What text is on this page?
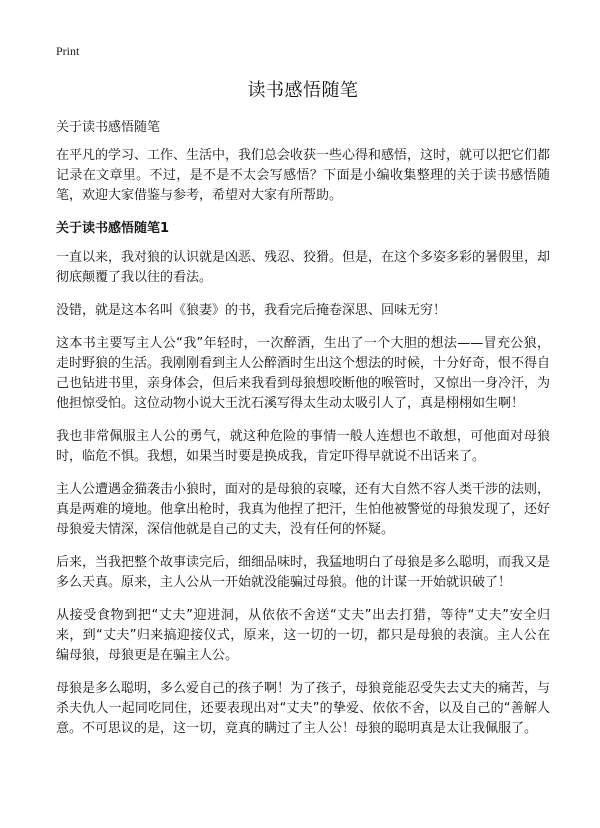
Print
读书感悟随笔

关于读书感悟随笔

在平凡的学习、工作、生活中，我们总会收获一些心得和感悟，这时，就可以把它们都记录在文章里。不过，是不是不太会写感悟？下面是小编收集整理的关于读书感悟随笔，欢迎大家借鉴与参考，希望对大家有所帮助。

关于读书感悟随笔1

一直以来，我对狼的认识就是凶恶、残忍、狡猾。但是，在这个多姿多彩的暑假里，却彻底颠覆了我以往的看法。

没错，就是这本名叫《狼妻》的书，我看完后掩卷深思、回味无穷！

这本书主要写主人公“我”年轻时，一次醉酒，生出了一个大胆的想法——冒充公狼，走时野狼的生活。我刚刚看到主人公醉酒时生出这个想法的时候，十分好奇，恨不得自己也钻进书里，亲身体会，但后来我看到母狼想咬断他的喉管时，又惊出一身冷汗，为他担惊受怕。这位动物小说大王沈石溪写得太生动太吸引人了，真是栩栩如生啊！

我也非常佩服主人公的勇气，就这种危险的事情一般人连想也不敢想，可他面对母狼时，临危不惧。我想，如果当时要是换成我，肯定吓得早就说不出话来了。

主人公遭遇金猫袭击小狼时，面对的是母狼的哀嚎，还有大自然不容人类干涉的法则，真是两难的境地。他拿出枪时，我真为他捏了把汗，生怕他被警觉的母狼发现了，还好母狼爱夫情深，深信他就是自己的丈夫，没有任何的怀疑。

后来，当我把整个故事读完后，细细品味时，我猛地明白了母狼是多么聪明，而我又是多么天真。原来，主人公从一开始就没能骗过母狼。他的计谋一开始就识破了！

从接受食物到把“丈夫”迎进洞，从依依不舍送“丈夫”出去打猎，等待“丈夫”安全归来，到“丈夫”归来搞迎接仪式，原来，这一切的一切，都只是母狼的表演。主人公在编母狼，母狼更是在骗主人公。

母狼是多么聪明，多么爱自己的孩子啊！为了孩子，母狼竟能忍受失去丈夫的痛苦，与杀夫仇人一起同吃同住，还要表现出对“丈夫”的挚爱、依依不舍，以及自己的“善解人意。不可思议的是，这一切，竟真的瞒过了主人公！母狼的聪明真是太让我佩服了。
